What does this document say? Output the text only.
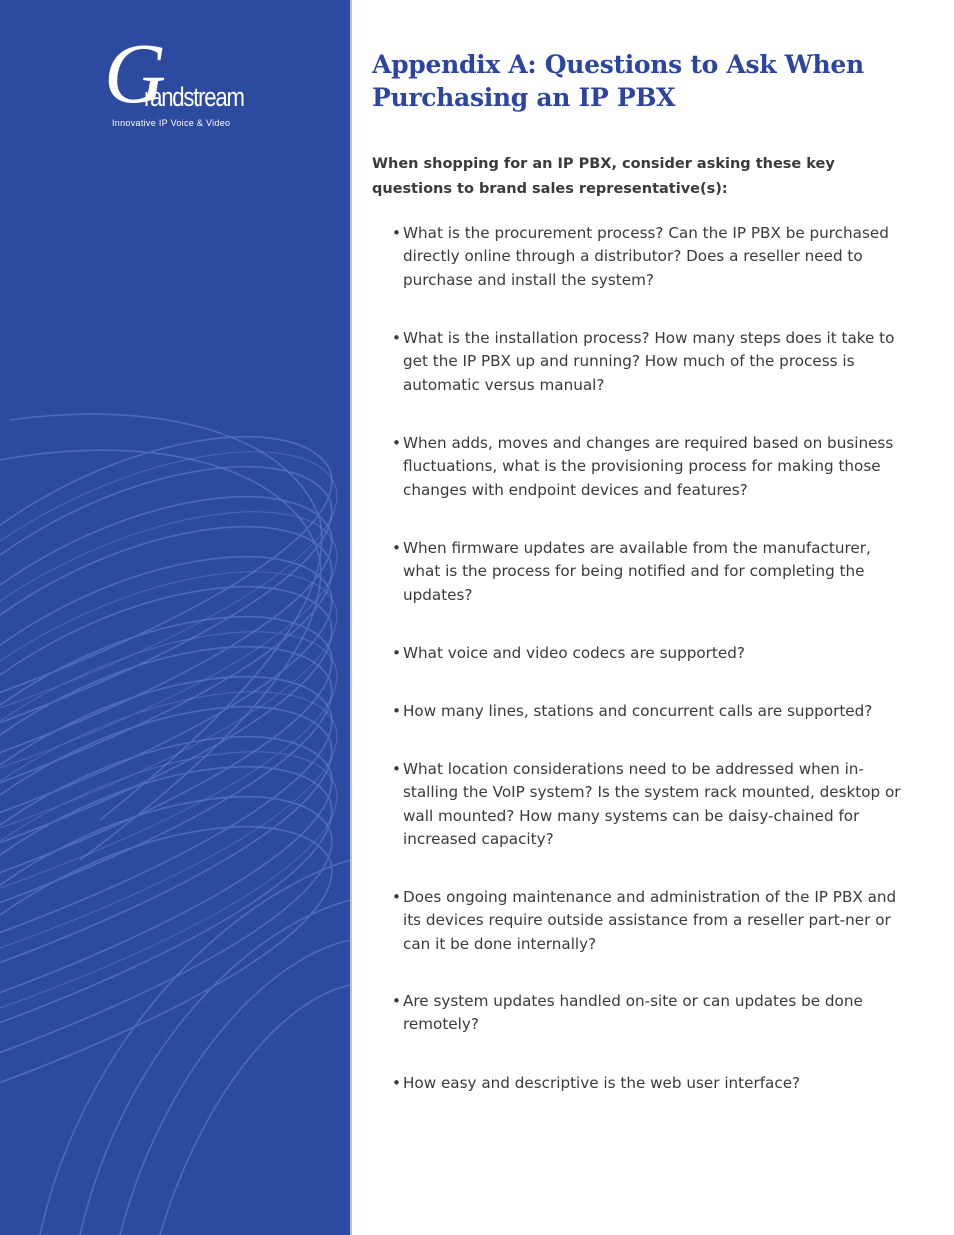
G
randstream
Innovative IP Voice & Video
Appendix A: Questions to Ask When Purchasing an IP PBX

When shopping for an IP PBX, consider asking these key questions to brand sales representative(s):

• What is the procurement process? Can the IP PBX be purchased directly online through a distributor? Does a reseller need to purchase and install the system?
• What is the installation process? How many steps does it take to get the IP PBX up and running? How much of the process is automatic versus manual?
• When adds, moves and changes are required based on business fluctuations, what is the provisioning process for making those changes with endpoint devices and features?
• When firmware updates are available from the manufacturer, what is the process for being notified and for completing the updates?
• What voice and video codecs are supported?
• How many lines, stations and concurrent calls are supported?
• What location considerations need to be addressed when in-stalling the VoIP system? Is the system rack mounted, desktop or wall mounted? How many systems can be daisy-chained for increased capacity?
• Does ongoing maintenance and administration of the IP PBX and its devices require outside assistance from a reseller part-ner or can it be done internally?
• Are system updates handled on-site or can updates be done remotely?
• How easy and descriptive is the web user interface?
